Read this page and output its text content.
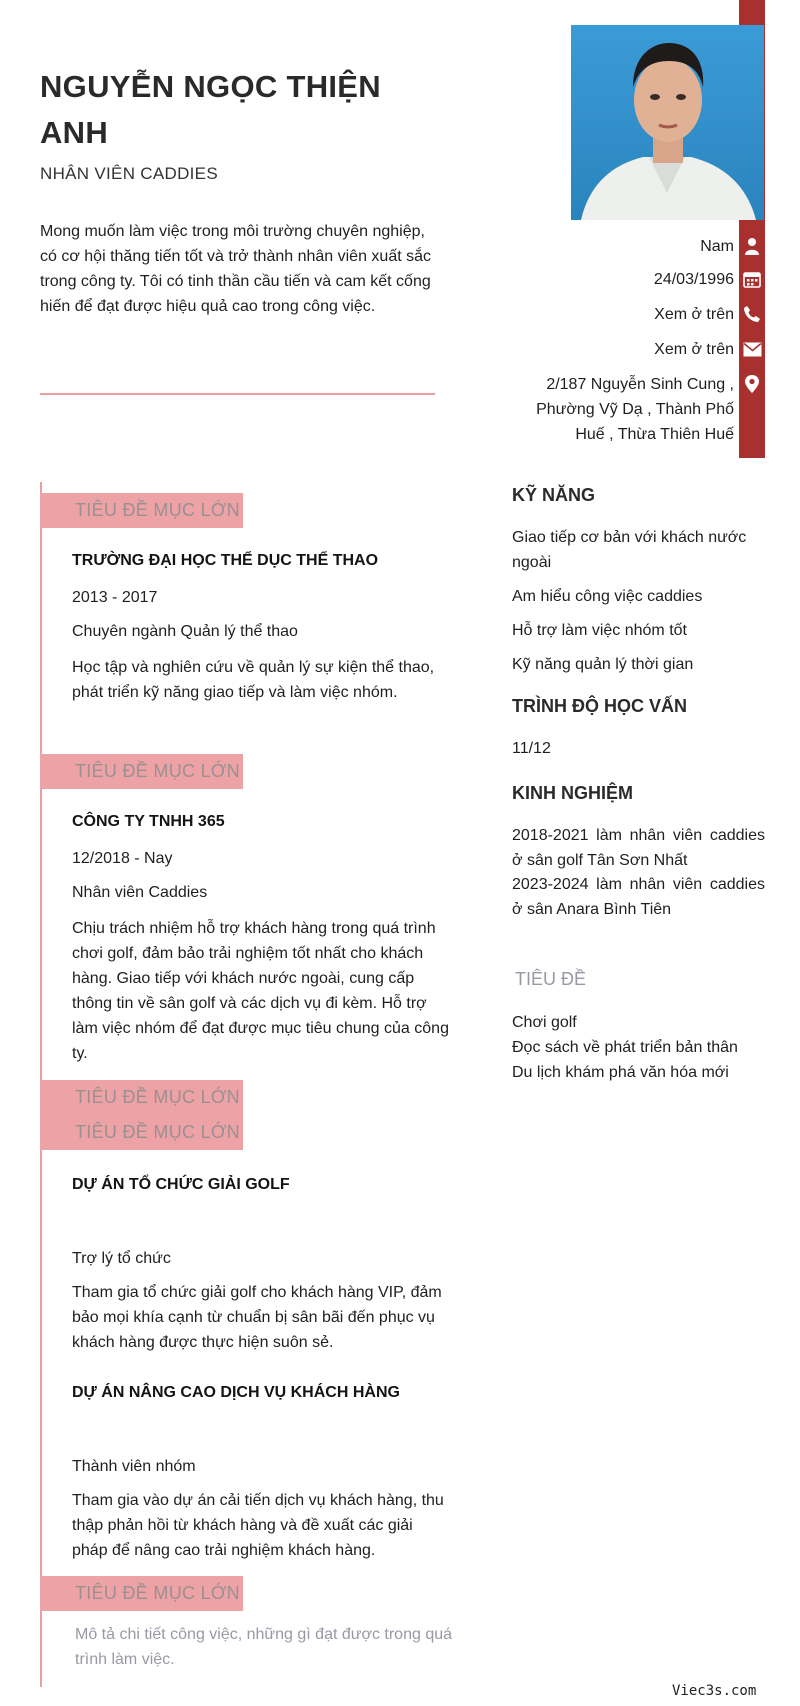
NGUYỄN NGỌC THIỆN ANH
NHÂN VIÊN CADDIES
Mong muốn làm việc trong môi trường chuyên nghiệp, có cơ hội thăng tiến tốt và trở thành nhân viên xuất sắc trong công ty. Tôi có tinh thần cầu tiến và cam kết cống hiến để đạt được hiệu quả cao trong công việc.
Nam
24/03/1996
Xem ở trên
Xem ở trên
2/187 Nguyễn Sinh Cung , Phường Vỹ Dạ , Thành Phố Huế , Thừa Thiên Huế
TIÊU ĐỀ MỤC LỚN
TRƯỜNG ĐẠI HỌC THỂ DỤC THỂ THAO
2013 - 2017
Chuyên ngành Quản lý thể thao
Học tập và nghiên cứu về quản lý sự kiện thể thao, phát triển kỹ năng giao tiếp và làm việc nhóm.
TIÊU ĐỀ MỤC LỚN
CÔNG TY TNHH 365
12/2018 - Nay
Nhân viên Caddies
Chịu trách nhiệm hỗ trợ khách hàng trong quá trình chơi golf, đảm bảo trải nghiệm tốt nhất cho khách hàng. Giao tiếp với khách nước ngoài, cung cấp thông tin về sân golf và các dịch vụ đi kèm. Hỗ trợ làm việc nhóm để đạt được mục tiêu chung của công ty.
TIÊU ĐỀ MỤC LỚN
TIÊU ĐỀ MỤC LỚN
DỰ ÁN TỔ CHỨC GIẢI GOLF
Trợ lý tổ chức
Tham gia tổ chức giải golf cho khách hàng VIP, đảm bảo mọi khía cạnh từ chuẩn bị sân bãi đến phục vụ khách hàng được thực hiện suôn sẻ.
DỰ ÁN NÂNG CAO DỊCH VỤ KHÁCH HÀNG
Thành viên nhóm
Tham gia vào dự án cải tiến dịch vụ khách hàng, thu thập phản hồi từ khách hàng và đề xuất các giải pháp để nâng cao trải nghiệm khách hàng.
TIÊU ĐỀ MỤC LỚN
Mô tả chi tiết công việc, những gì đạt được trong quá trình làm việc.
KỸ NĂNG
Giao tiếp cơ bản với khách nước ngoài
Am hiểu công việc caddies
Hỗ trợ làm việc nhóm tốt
Kỹ năng quản lý thời gian
TRÌNH ĐỘ HỌC VẤN
11/12
KINH NGHIỆM
2018-2021 làm nhân viên caddies ở sân golf Tân Sơn Nhất
2023-2024 làm nhân viên caddies ở sân Anara Bình Tiên
TIÊU ĐỀ
Chơi golf
Đọc sách về phát triển bản thân
Du lịch khám phá văn hóa mới
Viec3s.com
